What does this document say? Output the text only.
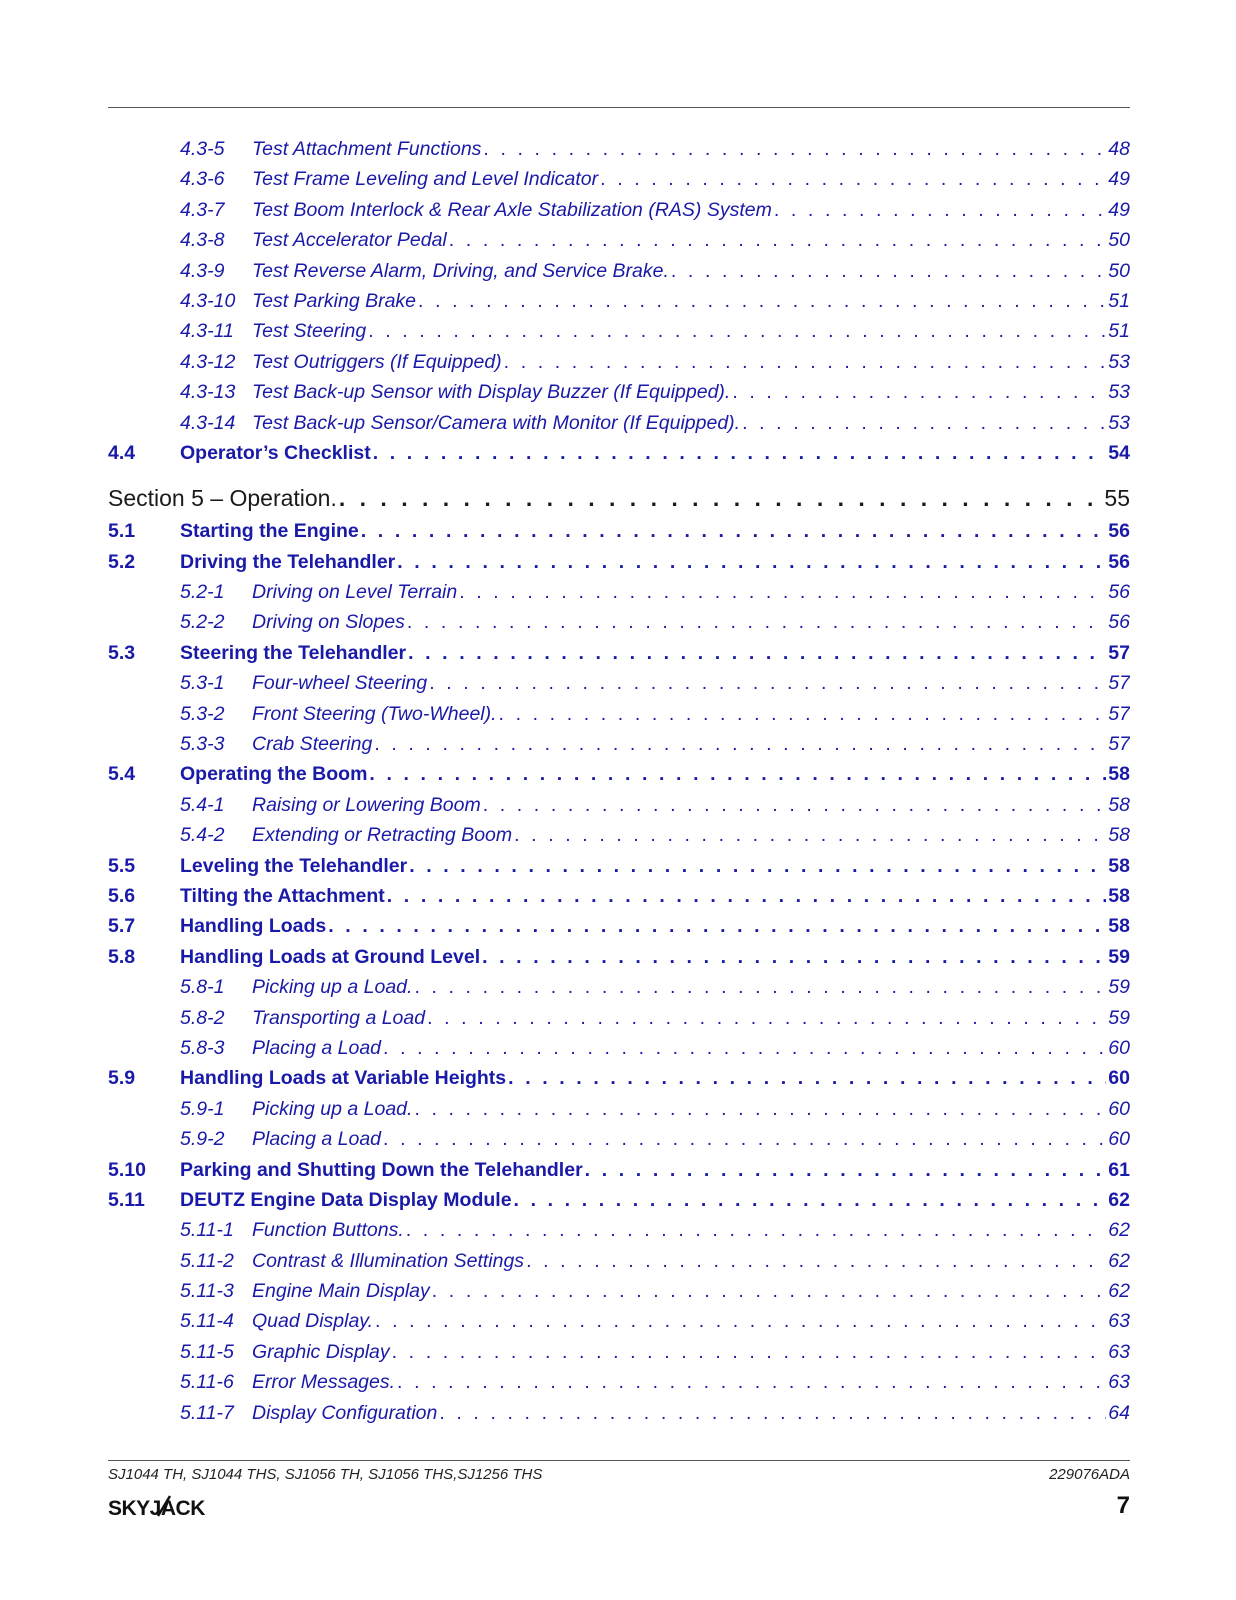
4.3-5 Test Attachment Functions . . .	48
4.3-6 Test Frame Leveling and Level Indicator . . .	49
4.3-7 Test Boom Interlock & Rear Axle Stabilization (RAS) System . . .	49
4.3-8 Test Accelerator Pedal . . .	50
4.3-9 Test Reverse Alarm, Driving, and Service Brake. . . .	50
4.3-10 Test Parking Brake . . .	51
4.3-11 Test Steering . . .	51
4.3-12 Test Outriggers (If Equipped) . . .	53
4.3-13 Test Back-up Sensor with Display Buzzer (If Equipped). . . .	53
4.3-14 Test Back-up Sensor/Camera with Monitor (If Equipped). . . .	53
4.4 Operator’s Checklist . . .	54
Section 5 – Operation. . . .	55
5.1 Starting the Engine . . .	56
5.2 Driving the Telehandler . . .	56
5.2-1 Driving on Level Terrain . . .	56
5.2-2 Driving on Slopes . . .	56
5.3 Steering the Telehandler . . .	57
5.3-1 Four-wheel Steering . . .	57
5.3-2 Front Steering (Two-Wheel). . . .	57
5.3-3 Crab Steering . . .	57
5.4 Operating the Boom . . .	58
5.4-1 Raising or Lowering Boom . . .	58
5.4-2 Extending or Retracting Boom . . .	58
5.5 Leveling the Telehandler . . .	58
5.6 Tilting the Attachment . . .	58
5.7 Handling Loads . . .	58
5.8 Handling Loads at Ground Level . . .	59
5.8-1 Picking up a Load. . . .	59
5.8-2 Transporting a Load . . .	59
5.8-3 Placing a Load . . .	60
5.9 Handling Loads at Variable Heights . . .	60
5.9-1 Picking up a Load. . . .	60
5.9-2 Placing a Load . . .	60
5.10 Parking and Shutting Down the Telehandler . . .	61
5.11 DEUTZ Engine Data Display Module . . .	62
5.11-1 Function Buttons. . . .	62
5.11-2 Contrast & Illumination Settings . . .	62
5.11-3 Engine Main Display . . .	62
5.11-4 Quad Display. . . .	63
5.11-5 Graphic Display . . .	63
5.11-6 Error Messages. . . .	63
5.11-7 Display Configuration . . .	64
SJ1044 TH, SJ1044 THS, SJ1056 TH, SJ1056 THS,SJ1256 THS	229076ADA
SKYJACK	7
